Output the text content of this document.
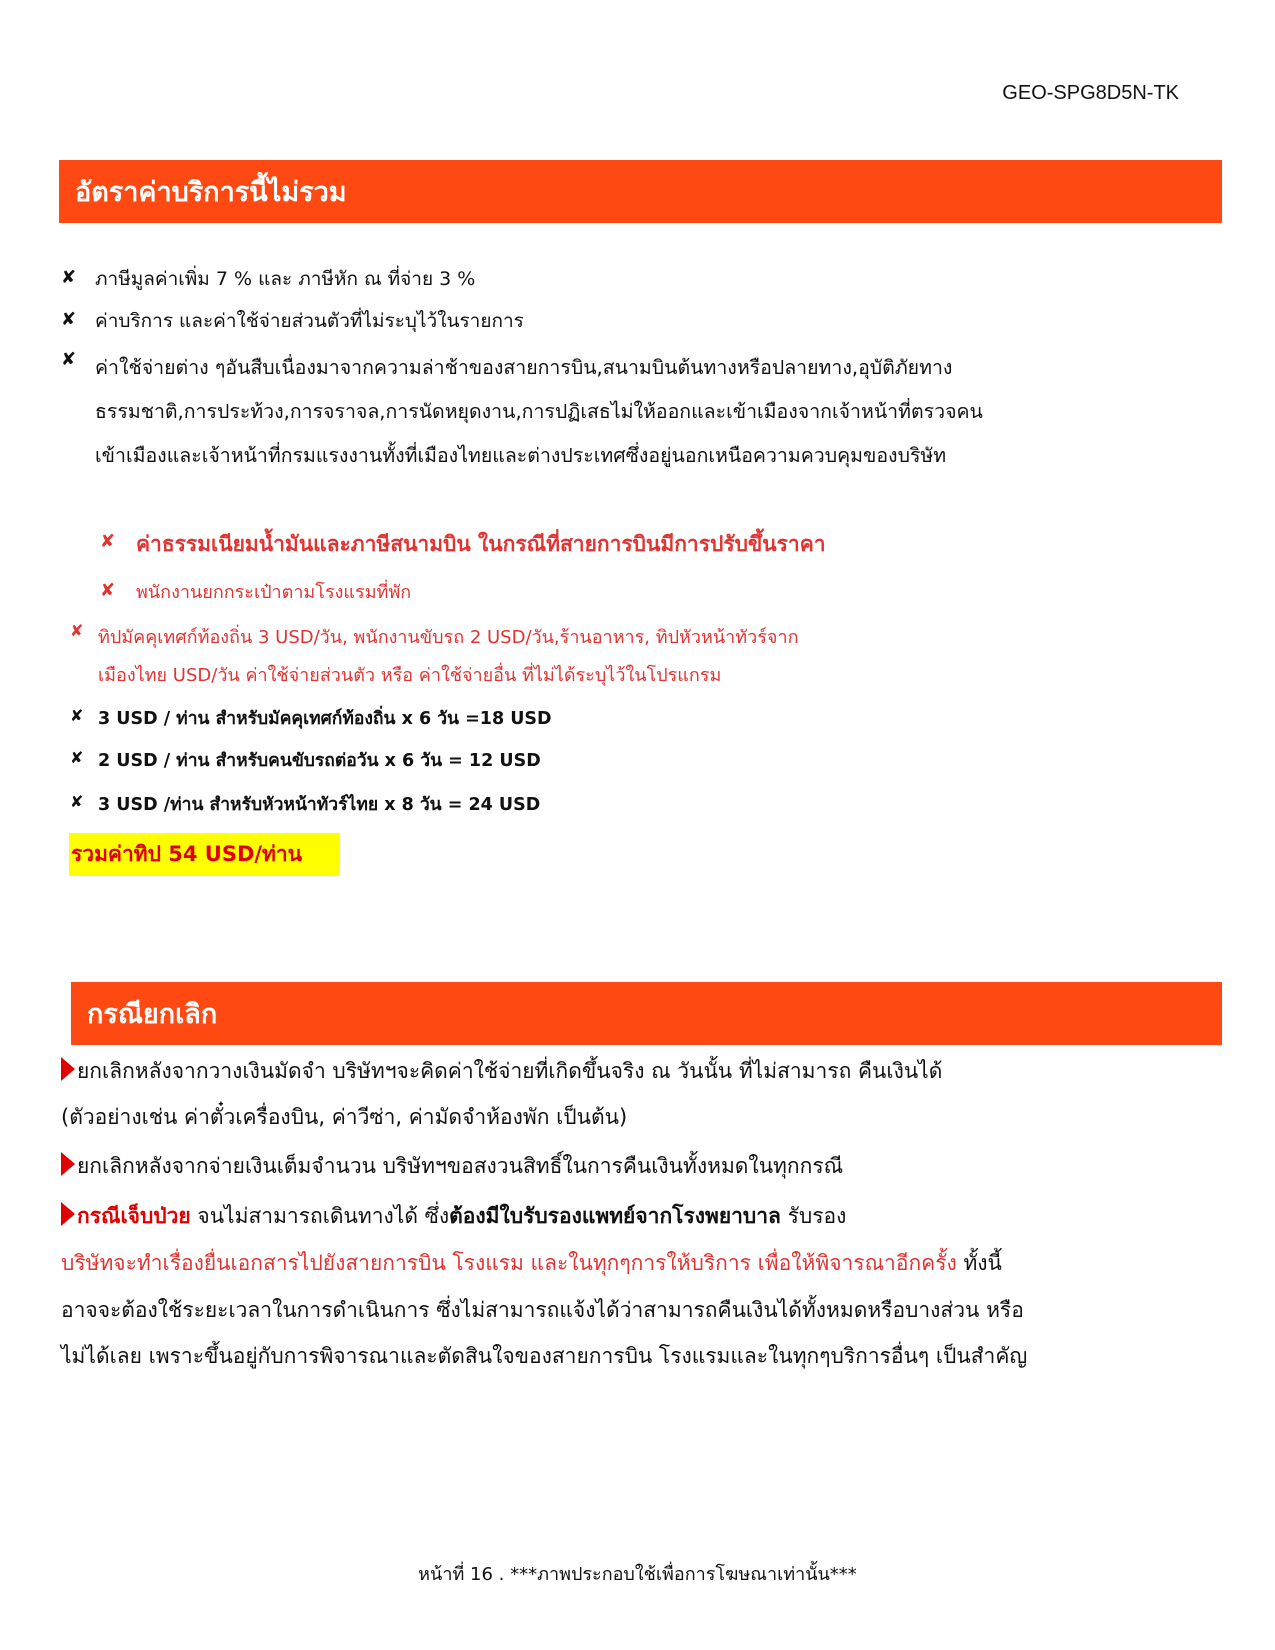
GEO-SPG8D5N-TK
อัตราค่าบริการนี้ไม่รวม
✘ ภาษีมูลค่าเพิ่ม 7 % และ ภาษีหัก ณ ที่จ่าย 3 %
✘ ค่าบริการ และค่าใช้จ่ายส่วนตัวที่ไม่ระบุไว้ในรายการ
✘ ค่าใช้จ่ายต่าง ๆอันสืบเนื่องมาจากความล่าช้าของสายการบิน,สนามบินต้นทางหรือปลายทาง,อุบัติภัยทาง
ธรรมชาติ,การประท้วง,การจราจล,การนัดหยุดงาน,การปฏิเสธไม่ให้ออกและเข้าเมืองจากเจ้าหน้าที่ตรวจคน
เข้าเมืองและเจ้าหน้าที่กรมแรงงานทั้งที่เมืองไทยและต่างประเทศซึ่งอยู่นอกเหนือความควบคุมของบริษัท
✘ ค่าธรรมเนียมน้ำมันและภาษีสนามบิน ในกรณีที่สายการบินมีการปรับขึ้นราคา
✘	พนักงานยกกระเป๋าตามโรงแรมที่พัก
✘ ทิปมัคคุเทศก์ท้องถิ่น 3 USD/วัน, พนักงานขับรถ 2 USD/วัน,ร้านอาหาร, ทิปหัวหน้าทัวร์จาก
เมืองไทย USD/วัน ค่าใช้จ่ายส่วนตัว หรือ ค่าใช้จ่ายอื่น ที่ไม่ได้ระบุไว้ในโปรแกรม
✘ 3 USD / ท่าน สำหรับมัคคุเทศก์ท้องถิ่น x 6 วัน =18 USD
✘ 2 USD / ท่าน สำหรับคนขับรถต่อวัน x 6 วัน = 12 USD
✘ 3 USD /ท่าน สำหรับหัวหน้าทัวร์ไทย x 8 วัน = 24 USD
รวมค่าทิป 54 USD/ท่าน
กรณียกเลิก
ยกเลิกหลังจากวางเงินมัดจำ บริษัทฯจะคิดค่าใช้จ่ายที่เกิดขึ้นจริง ณ วันนั้น ที่ไม่สามารถ คืนเงินได้
(ตัวอย่างเช่น ค่าตั๋วเครื่องบิน, ค่าวีซ่า, ค่ามัดจำห้องพัก เป็นต้น)
ยกเลิกหลังจากจ่ายเงินเต็มจำนวน บริษัทฯขอสงวนสิทธิ์ในการคืนเงินทั้งหมดในทุกกรณี
กรณีเจ็บป่วย จนไม่สามารถเดินทางได้ ซึ่งต้องมีใบรับรองแพทย์จากโรงพยาบาล รับรอง
บริษัทจะทำเรื่องยื่นเอกสารไปยังสายการบิน โรงแรม และในทุกๆการให้บริการ เพื่อให้พิจารณาอีกครั้ง ทั้งนี้
อาจจะต้องใช้ระยะเวลาในการดำเนินการ ซึ่งไม่สามารถแจ้งได้ว่าสามารถคืนเงินได้ทั้งหมดหรือบางส่วน หรือ
ไม่ได้เลย เพราะขึ้นอยู่กับการพิจารณาและตัดสินใจของสายการบิน โรงแรมและในทุกๆบริการอื่นๆ เป็นสำคัญ
หน้าที่ 16 . ***ภาพประกอบใช้เพื่อการโฆษณาเท่านั้น***
